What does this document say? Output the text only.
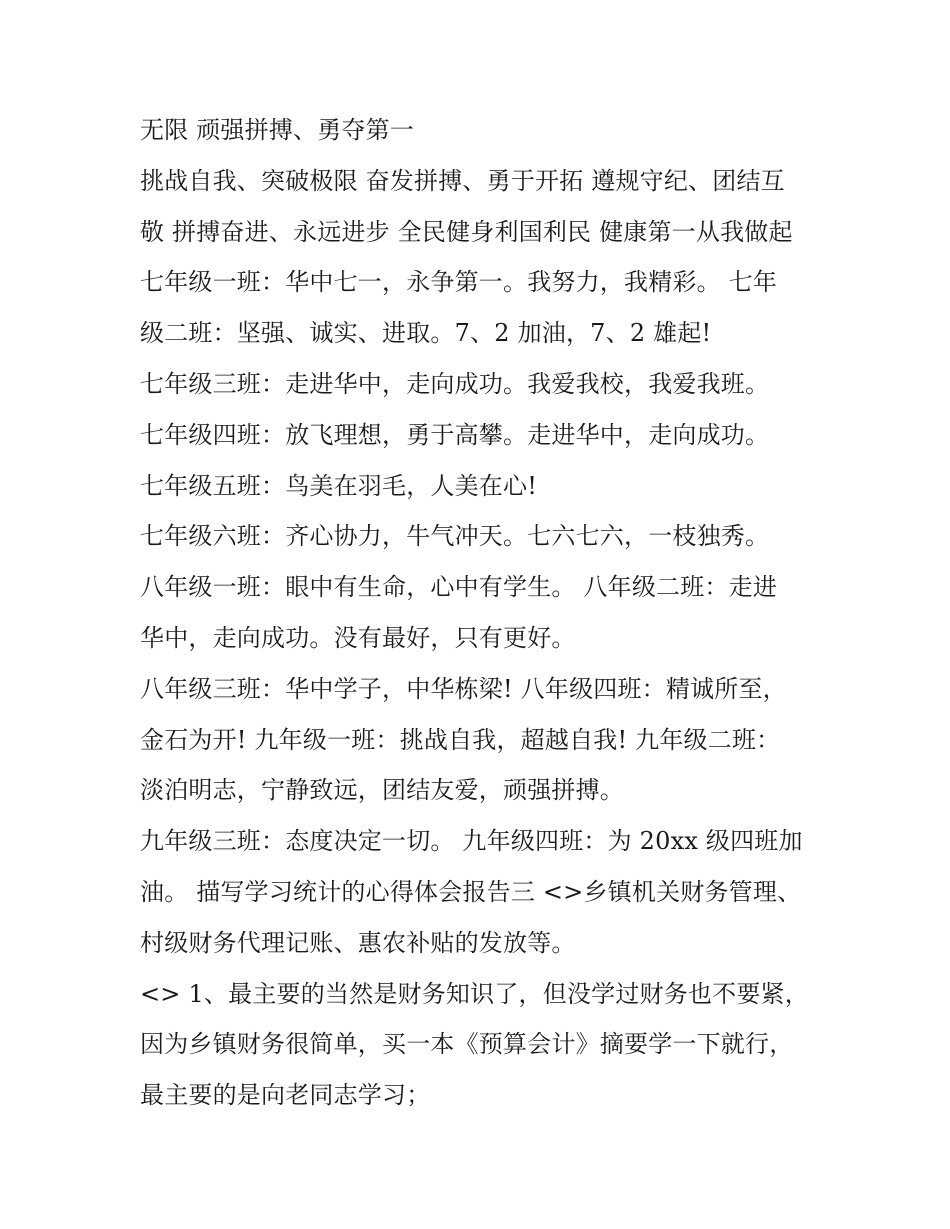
无限 顽强拼搏、勇夺第一
挑战自我、突破极限 奋发拼搏、勇于开拓 遵规守纪、团结互
敬 拼搏奋进、永远进步 全民健身利国利民 健康第一从我做起
七年级一班：华中七一，永争第一。我努力，我精彩。 七年
级二班：坚强、诚实、进取。7、2 加油，7、2 雄起!
七年级三班：走进华中，走向成功。我爱我校，我爱我班。
七年级四班：放飞理想，勇于高攀。走进华中，走向成功。
七年级五班：鸟美在羽毛，人美在心!
七年级六班：齐心协力，牛气冲天。七六七六，一枝独秀。
八年级一班：眼中有生命，心中有学生。 八年级二班：走进
华中，走向成功。没有最好，只有更好。
八年级三班：华中学子，中华栋梁! 八年级四班：精诚所至，
金石为开! 九年级一班：挑战自我，超越自我! 九年级二班：
淡泊明志，宁静致远，团结友爱，顽强拼搏。
九年级三班：态度决定一切。 九年级四班：为 20xx 级四班加
油。 描写学习统计的心得体会报告三 <>乡镇机关财务管理、
村级财务代理记账、惠农补贴的发放等。
<> 1、最主要的当然是财务知识了，但没学过财务也不要紧，
因为乡镇财务很简单，买一本《预算会计》摘要学一下就行，
最主要的是向老同志学习；
